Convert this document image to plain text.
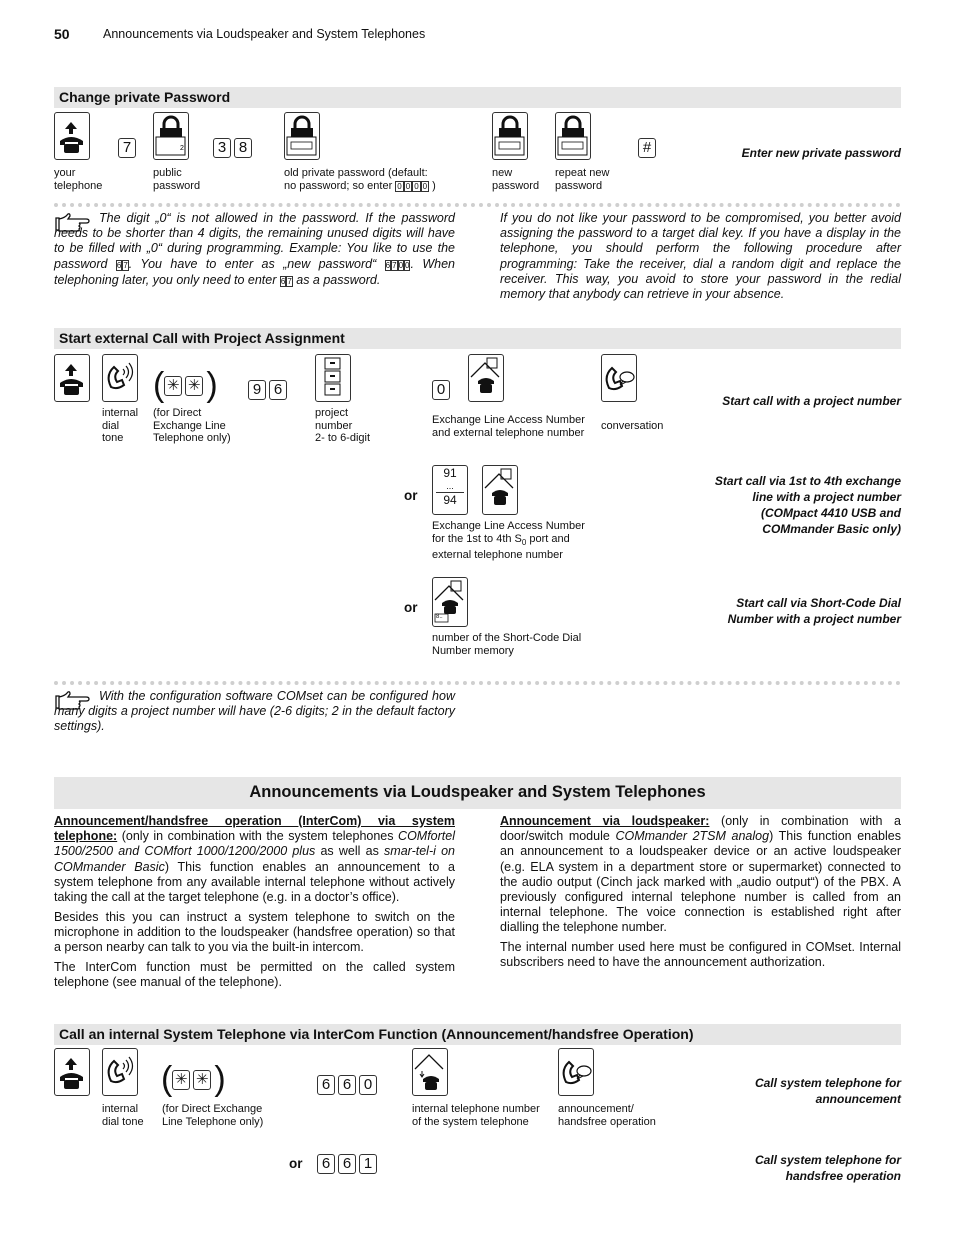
50	Announcements via Loudspeaker and System Telephones
Change private Password
7	2	3 8	#	Enter new private password
your
telephone
public
password
old private password (default:
no password; so enter 0 0 0 0 )
new
password
repeat new
password
The digit „0“ is not allowed in the password. If the password needs to be shorter than 4 digits, the remaining unused digits will have to be filled with „0“ during programming. Example: You like to use the password 6 7. You have to enter as „new password“ 6 7 0 0. When telephoning later, you only need to enter 6 7 as a password.
If you do not like your password to be compromised, you better avoid assigning the password to a target dial key. If you have a display in the telephone, you should perform the following procedure after programming: Take the receiver, dial a random digit and replace the receiver. This way, you avoid to store your password in the redial memory that anybody can retrieve in your absence.
Start external Call with Project Assignment
( ✳ ✳ )	9 6	0
Start call with a project number
internal
dial
tone
(for Direct
Exchange Line
Telephone only)
project
number
2- to 6-digit
Exchange Line Access Number
and external telephone number
conversation
or
91
...
94
Start call via 1st to 4th exchange
line with a project number
(COMpact 4410 USB and
COMmander Basic only)
Exchange Line Access Number
for the 1st to 4th $S_0$ port and
external telephone number
or
8..
Start call via Short-Code Dial
Number with a project number
number of the Short-Code Dial
Number memory
With the configuration software COMset can be configured how many digits a project number will have (2-6 digits; 2 in the default factory settings).
Announcements via Loudspeaker and System Telephones
Announcement/handsfree operation (InterCom) via system telephone: (only in combination with the system telephones COMfortel 1500/2500 and COMfort 1000/1200/2000 plus as well as smar-tel-i on COMmander Basic) This function enables an announcement to a system telephone from any available internal telephone without actively taking the call at the target telephone (e.g. in a doctor’s office).
Besides this you can instruct a system telephone to switch on the microphone in addition to the loudspeaker (handsfree operation) so that a person nearby can talk to you via the built-in intercom.
The InterCom function must be permitted on the called system telephone (see manual of the telephone).
Announcement via loudspeaker: (only in combination with a door/switch module COMmander 2TSM analog) This function enables an announcement to a loudspeaker device or an active loudspeaker (e.g. ELA system in a department store or supermarket) connected to the audio output (Cinch jack marked with „audio output“) of the PBX. A previously configured internal telephone number is called from an internal telephone. The voice connection is established right after dialling the telephone number.
The internal number used here must be configured in COMset. Internal subscribers need to have the announcement authorization.
Call an internal System Telephone via InterCom Function (Announcement/handsfree Operation)
( ✳ ✳ )	6 6 0	Call system telephone for
announcement
internal
dial tone
(for Direct Exchange
Line Telephone only)
internal telephone number
of the system telephone
announcement/
handsfree operation
or	6 6 1	Call system telephone for
handsfree operation
